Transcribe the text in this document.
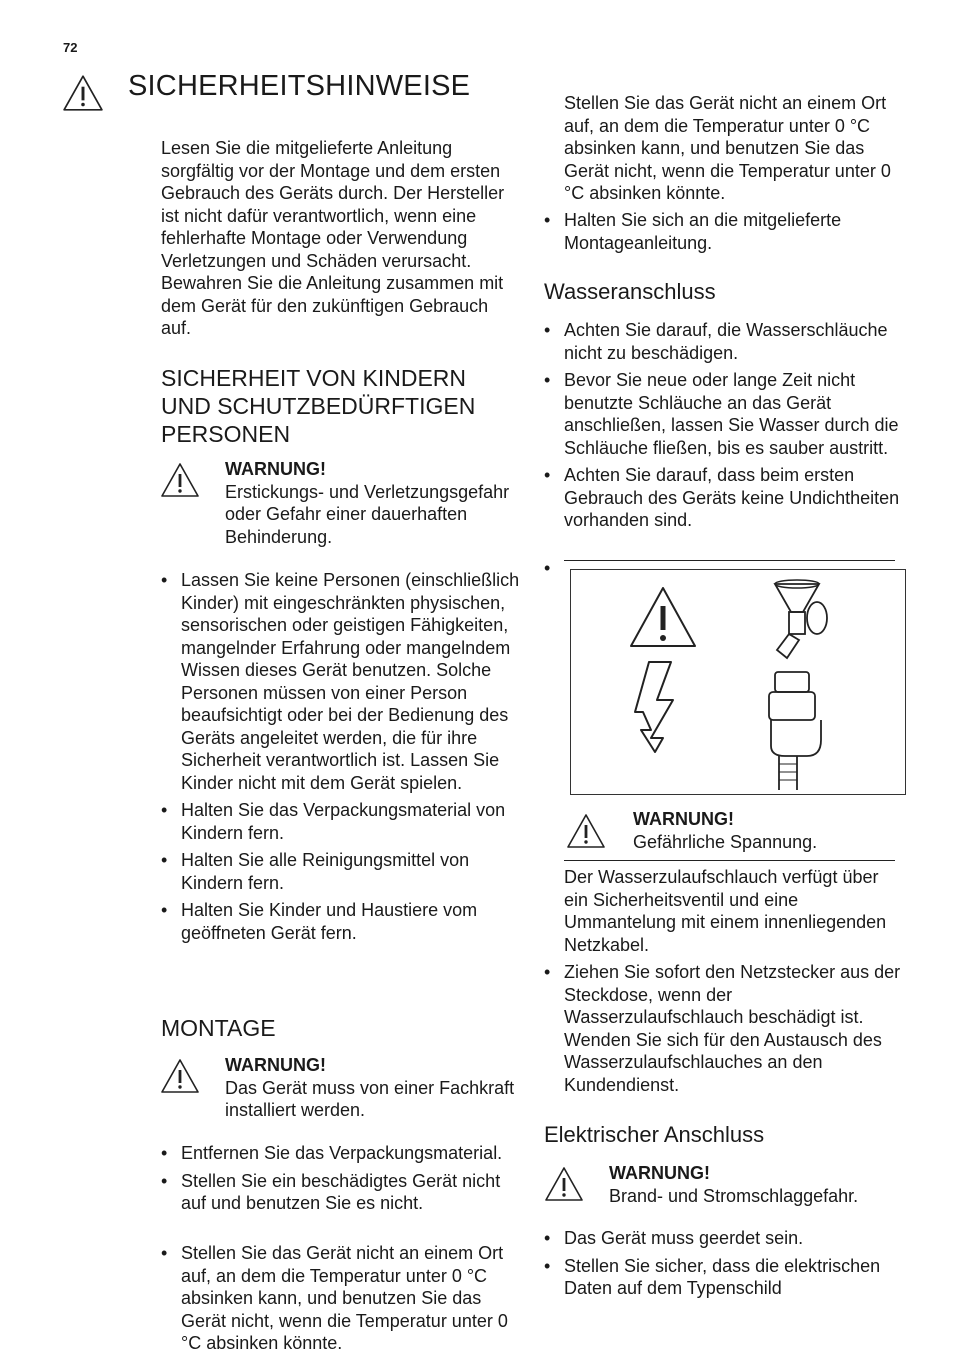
72
SICHERHEITSHINWEISE
Lesen Sie die mitgelieferte Anleitung sorgfältig vor der Montage und dem ersten Gebrauch des Geräts durch. Der Hersteller ist nicht dafür verantwortlich, wenn eine fehlerhafte Montage oder Verwendung Verletzungen und Schäden verursacht. Bewahren Sie die Anleitung zusammen mit dem Gerät für den zukünftigen Gebrauch auf.
SICHERHEIT VON KINDERN UND SCHUTZBEDÜRFTIGEN PERSONEN
WARNUNG!
Erstickungs- und Verletzungsgefahr oder Gefahr einer dauerhaften Behinderung.
• Lassen Sie keine Personen (einschließlich Kinder) mit eingeschränkten physischen, sensorischen oder geistigen Fähigkeiten, mangelnder Erfahrung oder mangelndem Wissen dieses Gerät benutzen. Solche Personen müssen von einer Person beaufsichtigt oder bei der Bedienung des Geräts angeleitet werden, die für ihre Sicherheit verantwortlich ist. Lassen Sie Kinder nicht mit dem Gerät spielen.
• Halten Sie das Verpackungsmaterial von Kindern fern.
• Halten Sie alle Reinigungsmittel von Kindern fern.
• Halten Sie Kinder und Haustiere vom geöffneten Gerät fern.
MONTAGE
WARNUNG!
Das Gerät muss von einer Fachkraft installiert werden.
• Entfernen Sie das Verpackungsmaterial.
• Stellen Sie ein beschädigtes Gerät nicht auf und benutzen Sie es nicht.
• Stellen Sie das Gerät nicht an einem Ort auf, an dem die Temperatur unter 0 °C absinken kann, und benutzen Sie das Gerät nicht, wenn die Temperatur unter 0 °C absinken könnte.
Stellen Sie das Gerät nicht an einem Ort auf, an dem die Temperatur unter 0 °C absinken kann, und benutzen Sie das Gerät nicht, wenn die Temperatur unter 0 °C absinken könnte.
• Halten Sie sich an die mitgelieferte Montageanleitung.
Wasseranschluss
• Achten Sie darauf, die Wasserschläuche nicht zu beschädigen.
• Bevor Sie neue oder lange Zeit nicht benutzte Schläuche an das Gerät anschließen, lassen Sie Wasser durch die Schläuche fließen, bis es sauber austritt.
• Achten Sie darauf, dass beim ersten Gebrauch des Geräts keine Undichtheiten vorhanden sind.
•
WARNUNG!
Gefährliche Spannung.
Der Wasserzulaufschlauch verfügt über ein Sicherheitsventil und eine Ummantelung mit einem innenliegenden Netzkabel.
• Ziehen Sie sofort den Netzstecker aus der Steckdose, wenn der Wasserzulaufschlauch beschädigt ist. Wenden Sie sich für den Austausch des Wasserzulaufschlauches an den Kundendienst.
Elektrischer Anschluss
WARNUNG!
Brand- und Stromschlaggefahr.
• Das Gerät muss geerdet sein.
• Stellen Sie sicher, dass die elektrischen Daten auf dem Typenschild
